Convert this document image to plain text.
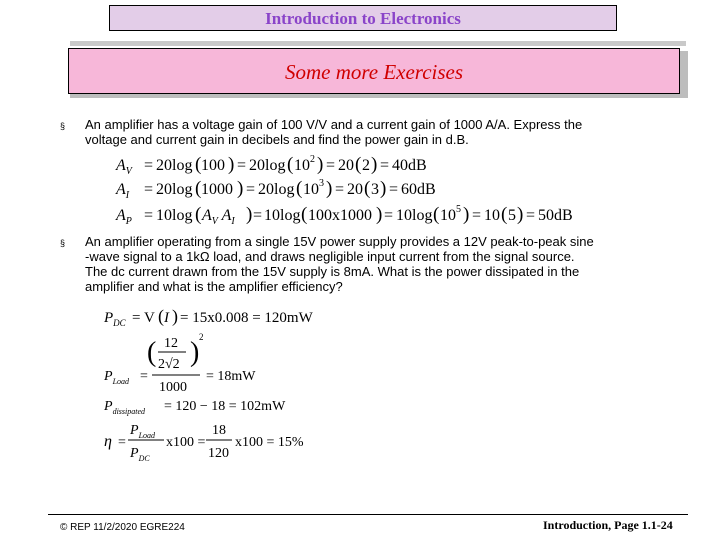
Introduction to Electronics
Some more Exercises
§ An amplifier has a voltage gain of 100 V/V and a current gain of 1000 A/A. Express the
voltage and current gain in decibels and find the power gain in d.B.
$A_V = 20\log$ ( 100 ) = 20log ( 10 2 ) = 20 ( 2 ) = 40dB
$A_I = 20\log$ ( 1000 ) = 20log ( 10 3 ) = 20 ( 3 ) = 60dB
$A_P = 10\log$ ( $A_V$ $A_I$ ) = 10log ( 100x1000 ) = 10log ( 10 5 ) = 10 ( 5 ) = 50dB
§ An amplifier operating from a single 15V power supply provides a 12V peak-to-peak sine
-wave signal to a 1kΩ load, and draws negligible input current from the signal source.
The dc current drawn from the 15V supply is 8mA. What is the power dissipated in the
amplifier and what is the amplifier efficiency?
$P_{DC} = V$ ( I ) = 15x0.008 = 120mW
$P_{Load}$ =
( 12
2√2 ) 2
1000
= 18mW
$P_{dissipated} = 120 - 18 = 102mW$
η =
$P_{Load}$
$P_{DC}$
x100 =
18
120
x100 = 15%
© REP 11/2/2020 EGRE224	Introduction, Page 1.1-24
